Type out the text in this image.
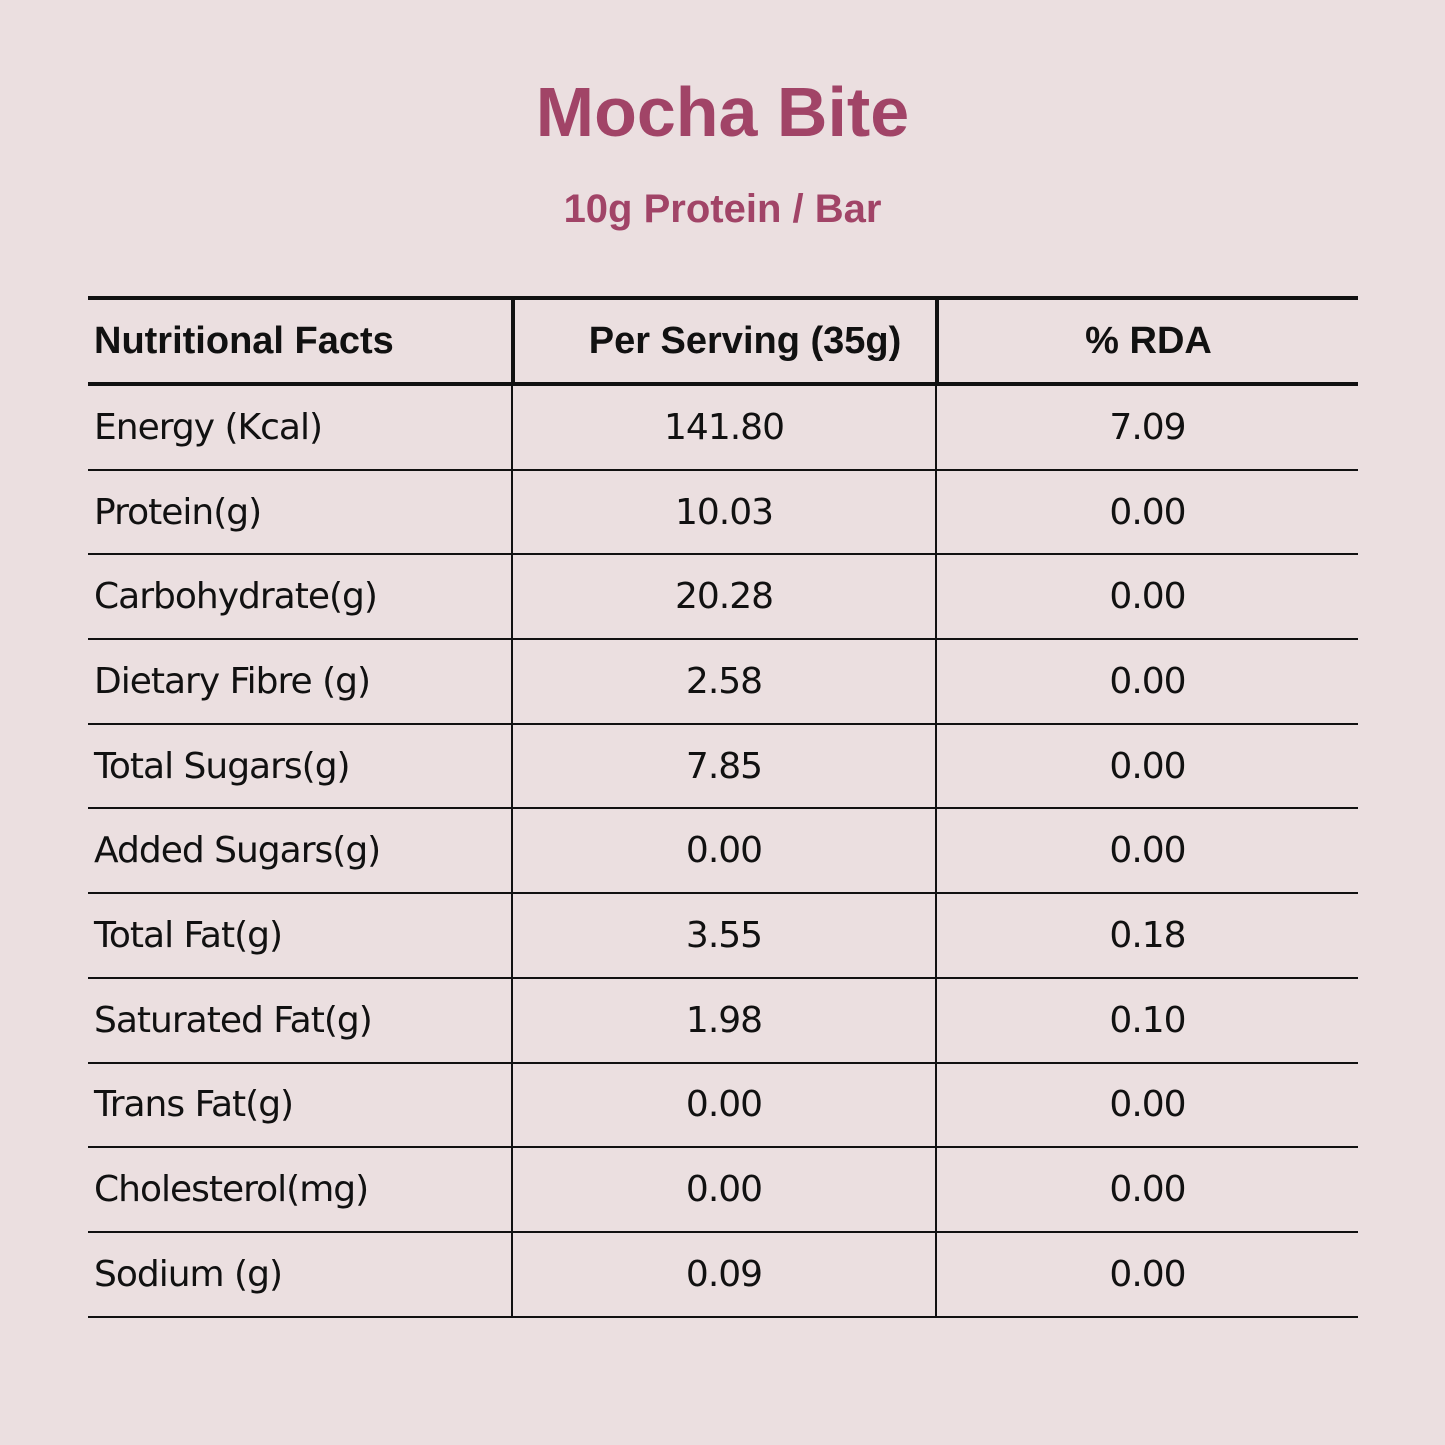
Mocha Bite
10g Protein / Bar
Nutritional Facts	Per Serving (35g)	% RDA
Energy (Kcal)	141.80	7.09
Protein(g)	10.03	0.00
Carbohydrate(g)	20.28	0.00
Dietary Fibre (g)	2.58	0.00
Total Sugars(g)	7.85	0.00
Added Sugars(g)	0.00	0.00
Total Fat(g)	3.55	0.18
Saturated Fat(g)	1.98	0.10
Trans Fat(g)	0.00	0.00
Cholesterol(mg)	0.00	0.00
Sodium (g)	0.09	0.00
